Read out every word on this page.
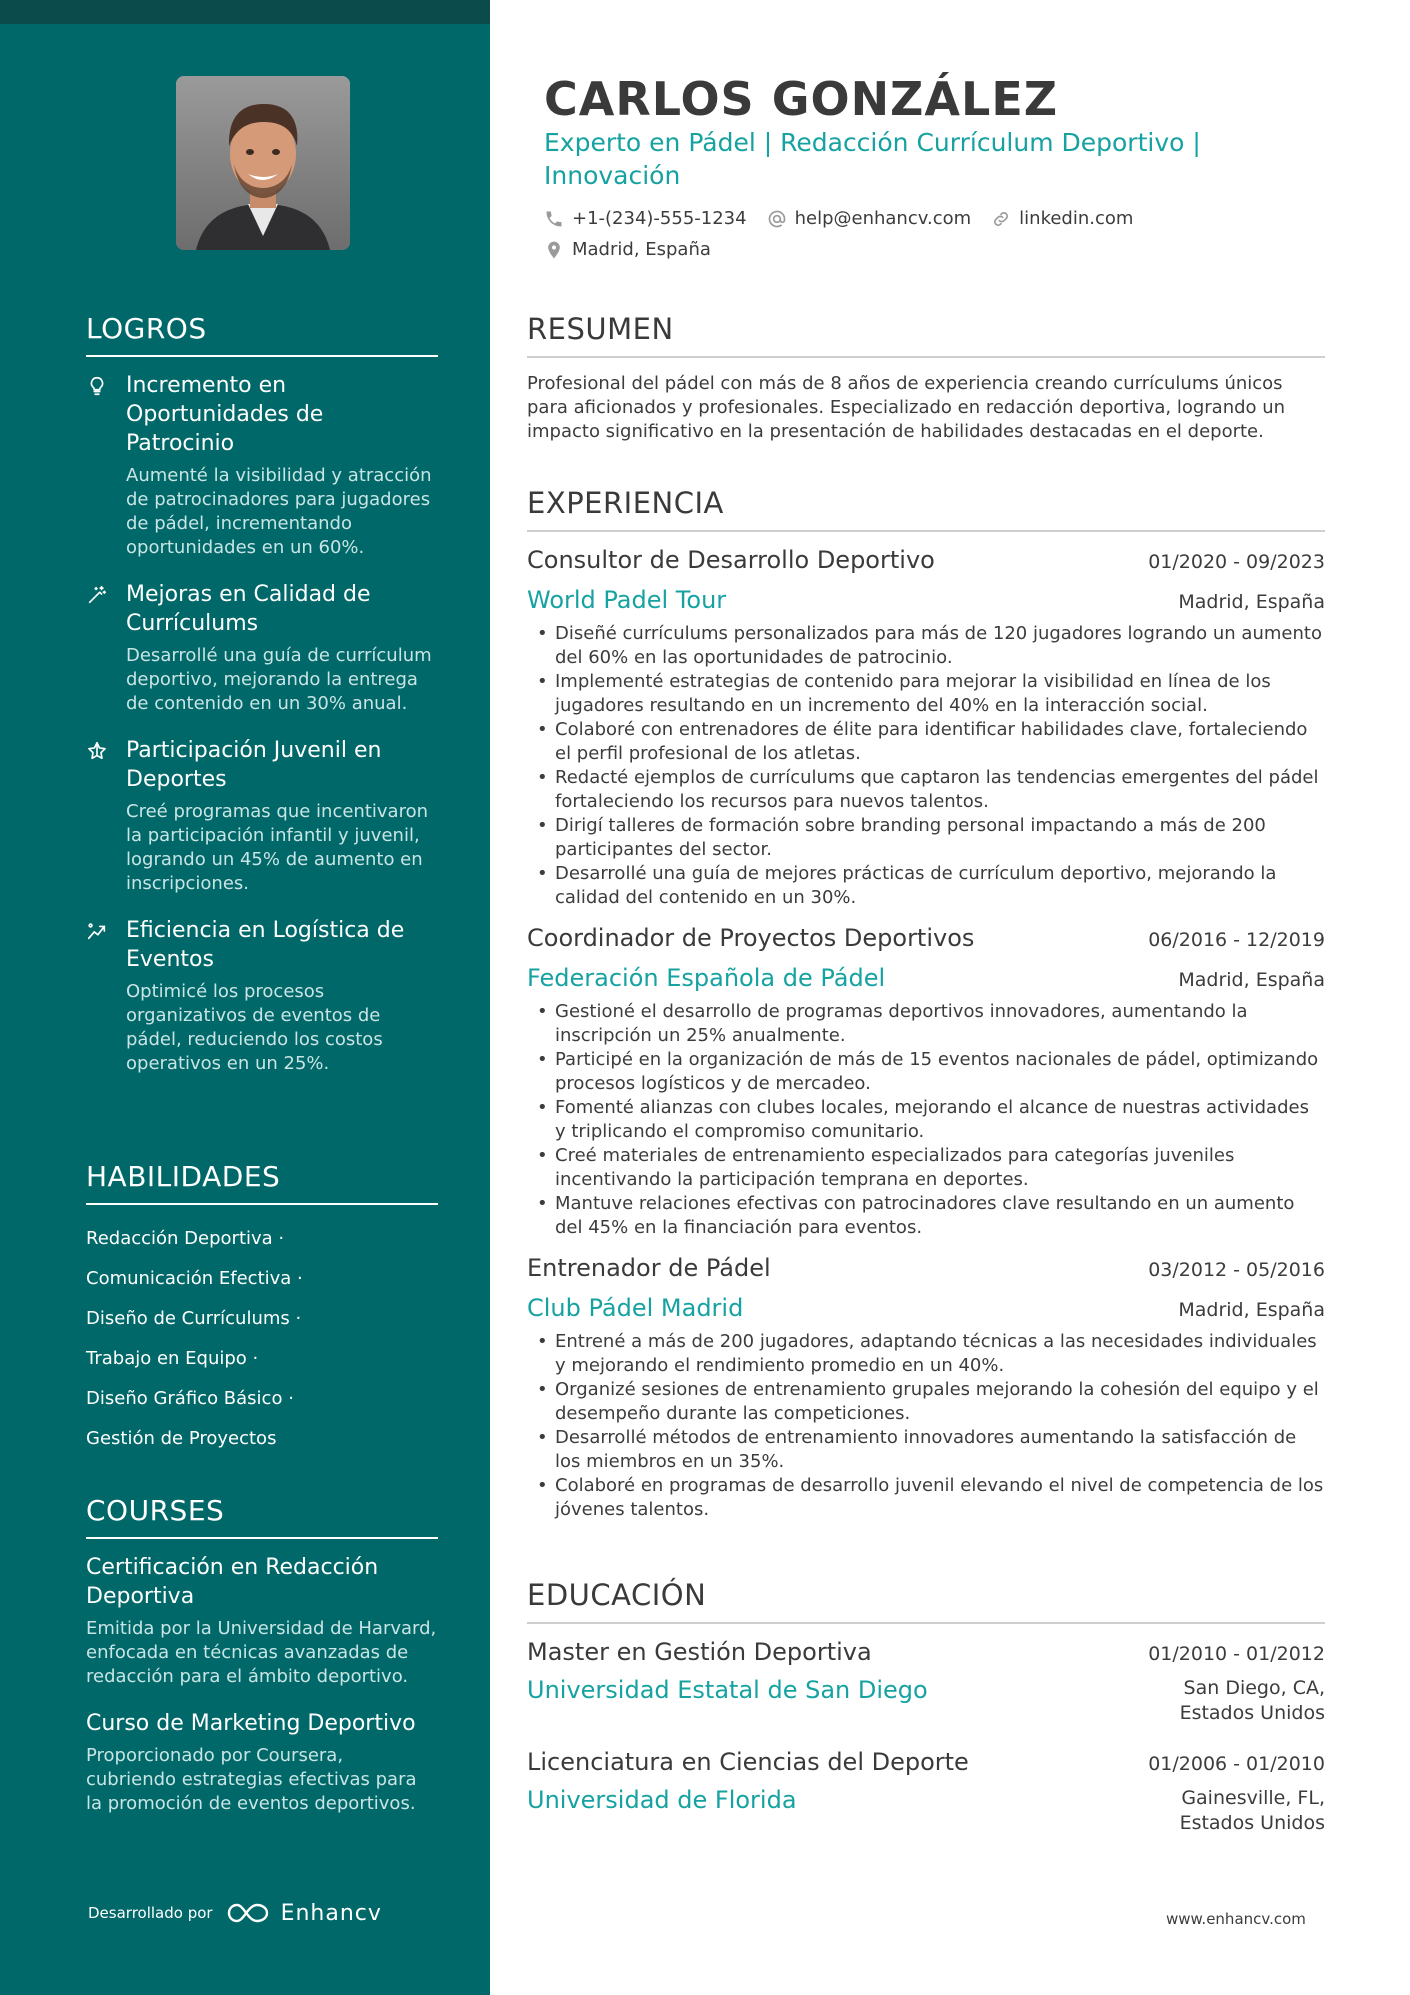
LOGROS
Incremento en Oportunidades de Patrocinio
Aumenté la visibilidad y atracción de patrocinadores para jugadores de pádel, incrementando oportunidades en un 60%.
Mejoras en Calidad de Currículums
Desarrollé una guía de currículum deportivo, mejorando la entrega de contenido en un 30% anual.
Participación Juvenil en Deportes
Creé programas que incentivaron la participación infantil y juvenil, logrando un 45% de aumento en inscripciones.
Eficiencia en Logística de Eventos
Optimicé los procesos organizativos de eventos de pádel, reduciendo los costos operativos en un 25%.
HABILIDADES
Redacción Deportiva ·
Comunicación Efectiva ·
Diseño de Currículums ·
Trabajo en Equipo ·
Diseño Gráfico Básico ·
Gestión de Proyectos
COURSES
Certificación en Redacción Deportiva
Emitida por la Universidad de Harvard, enfocada en técnicas avanzadas de redacción para el ámbito deportivo.
Curso de Marketing Deportivo
Proporcionado por Coursera, cubriendo estrategias efectivas para la promoción de eventos deportivos.
Desarrollado por	Enhancv
CARLOS GONZÁLEZ
Experto en Pádel | Redacción Currículum Deportivo | Innovación
+1-(234)-555-1234	help@enhancv.com	linkedin.com
Madrid, España
RESUMEN
Profesional del pádel con más de 8 años de experiencia creando currículums únicos para aficionados y profesionales. Especializado en redacción deportiva, logrando un impacto significativo en la presentación de habilidades destacadas en el deporte.
EXPERIENCIA
Consultor de Desarrollo Deportivo	01/2020 - 09/2023
World Padel Tour	Madrid, España
• Diseñé currículums personalizados para más de 120 jugadores logrando un aumento del 60% en las oportunidades de patrocinio.
• Implementé estrategias de contenido para mejorar la visibilidad en línea de los jugadores resultando en un incremento del 40% en la interacción social.
• Colaboré con entrenadores de élite para identificar habilidades clave, fortaleciendo el perfil profesional de los atletas.
• Redacté ejemplos de currículums que captaron las tendencias emergentes del pádel fortaleciendo los recursos para nuevos talentos.
• Dirigí talleres de formación sobre branding personal impactando a más de 200 participantes del sector.
• Desarrollé una guía de mejores prácticas de currículum deportivo, mejorando la calidad del contenido en un 30%.
Coordinador de Proyectos Deportivos	06/2016 - 12/2019
Federación Española de Pádel	Madrid, España
• Gestioné el desarrollo de programas deportivos innovadores, aumentando la inscripción un 25% anualmente.
• Participé en la organización de más de 15 eventos nacionales de pádel, optimizando procesos logísticos y de mercadeo.
• Fomenté alianzas con clubes locales, mejorando el alcance de nuestras actividades y triplicando el compromiso comunitario.
• Creé materiales de entrenamiento especializados para categorías juveniles incentivando la participación temprana en deportes.
• Mantuve relaciones efectivas con patrocinadores clave resultando en un aumento del 45% en la financiación para eventos.
Entrenador de Pádel	03/2012 - 05/2016
Club Pádel Madrid	Madrid, España
• Entrené a más de 200 jugadores, adaptando técnicas a las necesidades individuales y mejorando el rendimiento promedio en un 40%.
• Organizé sesiones de entrenamiento grupales mejorando la cohesión del equipo y el desempeño durante las competiciones.
• Desarrollé métodos de entrenamiento innovadores aumentando la satisfacción de los miembros en un 35%.
• Colaboré en programas de desarrollo juvenil elevando el nivel de competencia de los jóvenes talentos.
EDUCACIÓN
Master en Gestión Deportiva	01/2010 - 01/2012
Universidad Estatal de San Diego	San Diego, CA,
Estados Unidos
Licenciatura en Ciencias del Deporte	01/2006 - 01/2010
Universidad de Florida	Gainesville, FL,
Estados Unidos
www.enhancv.com
